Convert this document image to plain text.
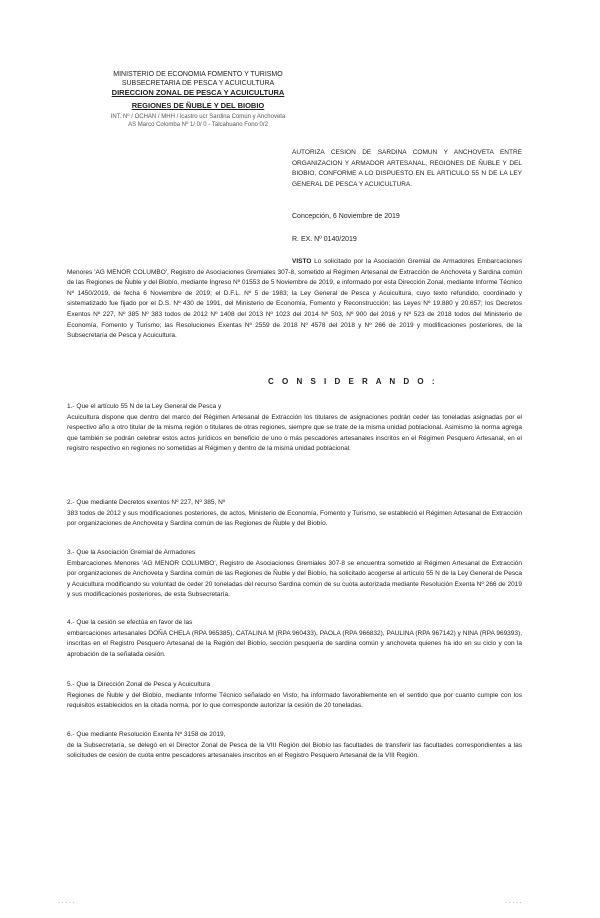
MINISTERIO DE ECONOMIA FOMENTO Y TURISMO
SUBSECRETARIA DE PESCA Y ACUICULTURA
DIRECCION ZONAL DE PESCA Y ACUICULTURA
REGIONES DE ÑUBLE Y DEL BIOBIO
INT. Nº / OCHAN / MHH / lcastro ucr Sardina Común y Anchoveta
AS Marco Colomba Nº 1/ 0/ 0 - Talcahuano Fono 0/2
AUTORIZA CESION DE SARDINA COMUN Y ANCHOVETA ENTRE ORGANIZACION Y ARMADOR ARTESANAL, REGIONES DE ÑUBLE Y DEL BIOBIO, CONFORME A LO DISPUESTO EN EL ARTICULO 55 N DE LA LEY GENERAL DE PESCA Y ACUICULTURA.
Concepción, 6 Noviembre de 2019
R. EX. Nº 0140/2019
VISTO Lo solicitado por la Asociación Gremial de Armadores Embarcaciones Menores 'AG MENOR COLUMBO', Registro de Asociaciones Gremiales 307-8, sometido al Régimen Artesanal de Extracción de Anchoveta y Sardina común de las Regiones de Ñuble y del Biobío, mediante Ingreso Nº 01553 de 5 Noviembre de 2019, e informado por esta Dirección Zonal, mediante Informe Técnico Nº 1450/2019, de fecha 6 Noviembre de 2019; el D.F.L. Nº 5 de 1983; la Ley General de Pesca y Acuicultura, cuyo texto refundido, coordinado y sistematizado fue fijado por el D.S. Nº 430 de 1991, del Ministerio de Economía, Fomento y Reconstrucción; las Leyes Nº 19.880 y 20.657; los Decretos Exentos Nº 227, Nº 385 Nº 383 todos de 2012 Nº 1408 del 2013 Nº 1023 del 2014 Nº 503, Nº 900 del 2016 y Nº 523 de 2018 todos del Ministerio de Economía, Fomento y Turismo; las Resoluciones Exentas Nº 2559 de 2018 Nº 4578 del 2018 y Nº 266 de 2019 y modificaciones posteriores, de la Subsecretaría de Pesca y Acuicultura.
C O N S I D E R A N D O :
1.- Que el artículo 55 N de la Ley General de Pesca y
Acuicultura dispone que dentro del marco del Régimen Artesanal de Extracción los titulares de asignaciones podrán ceder las toneladas asignadas por el respectivo año a otro titular de la misma región o titulares de otras regiones, siempre que se trate de la misma unidad poblacional. Asimismo la norma agrega que también se podrán celebrar estos actos jurídicos en beneficio de uno o más pescadores artesanales inscritos en el Régimen Pesquero Artesanal, en el registro respectivo en regiones no sometidas al Régimen y dentro de la misma unidad poblacional.
2.- Que mediante Decretos exentos Nº 227, Nº 385, Nº
383 todos de 2012 y sus modificaciones posteriores, de actos, Ministerio de Economía, Fomento y Turismo, se estableció el Régimen Artesanal de Extracción por organizaciones de Anchoveta y Sardina común de las Regiones de Ñuble y del Biobío.
3.- Que la Asociación Gremial de Armadores
Embarcaciones Menores 'AG MENOR COLUMBO', Registro de Asociaciones Gremiales 307-8 se encuentra sometido al Régimen Artesanal de Extracción por organizaciones de Anchoveta y Sardina común de las Regiones de Ñuble y del Biobío, ha solicitado acogerse al artículo 55 N de la Ley General de Pesca y Acuicultura modificando su voluntad de ceder 20 toneladas del recurso Sardina común de su cuota autorizada mediante Resolución Exenta Nº 266 de 2019 y sus modificaciones posteriores, de esta Subsecretaría.
4.- Que la cesión se efectúa en favor de las
embarcaciones artesanales DOÑA CHELA (RPA 965385), CATALINA M (RPA 960433), PAOLA (RPA 966832), PAULINA (RPA 967142) y NINA (RPA 969393), inscritas en el Registro Pesquero Artesanal de la Región del Biobío, sección pesquería de sardina común y anchoveta quienes ha ido en su ciclo y con la aprobación de la señalada cesión.
5.- Que la Dirección Zonal de Pesca y Acuicultura
Regiones de Ñuble y del Biobío, mediante Informe Técnico señalado en Visto, ha informado favorablemente en el sentido que por cuanto cumple con los requisitos establecidos en la citada norma, por lo que corresponde autorizar la cesión de 20 toneladas.
6.- Que mediante Resolución Exenta Nº 3158 de 2019,
de la Subsecretaría, se delegó en el Director Zonal de Pesca de la VIII Región del Biobío las facultades de transferir las facultades correspondientes a las solicitudes de cesión de cuota entre pescadores artesanales inscritos en el Registro Pesquero Artesanal de la VIII Región.
· · · · ·	· · · · ·
